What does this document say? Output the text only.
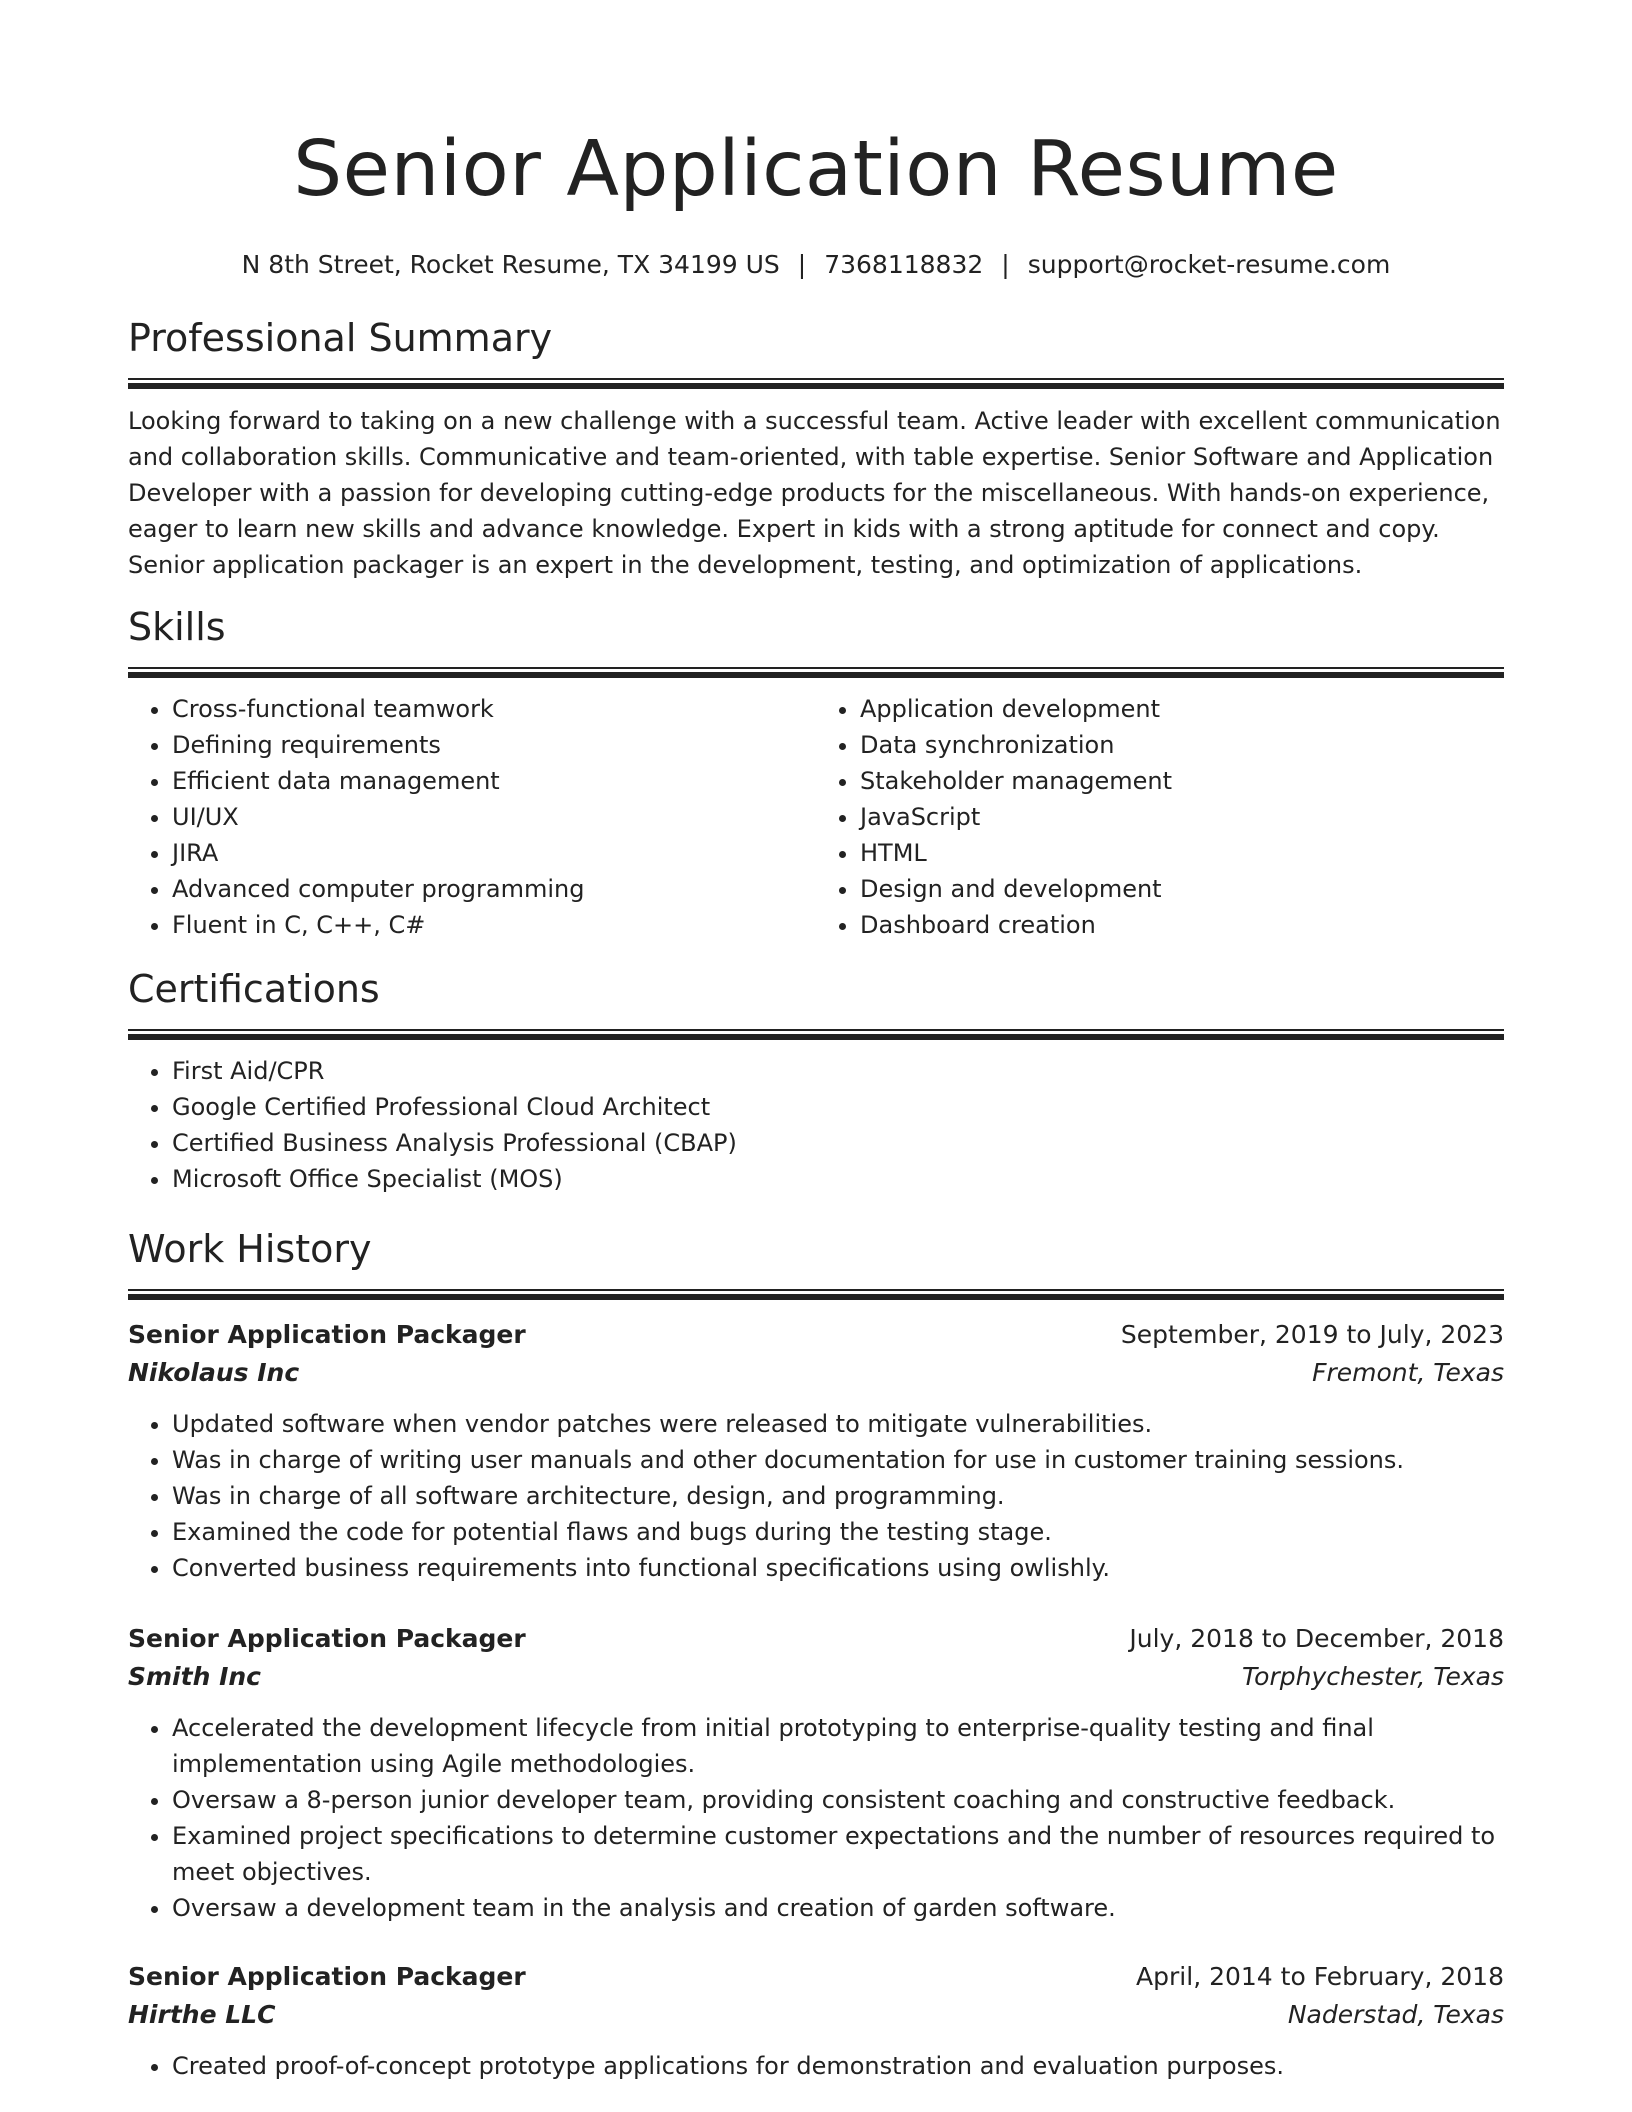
Senior Application Resume
N 8th Street, Rocket Resume, TX 34199 US | 7368118832 | support@rocket-resume.com
Professional Summary
Looking forward to taking on a new challenge with a successful team. Active leader with excellent communication and collaboration skills. Communicative and team-oriented, with table expertise. Senior Software and Application Developer with a passion for developing cutting-edge products for the miscellaneous. With hands-on experience, eager to learn new skills and advance knowledge. Expert in kids with a strong aptitude for connect and copy. Senior application packager is an expert in the development, testing, and optimization of applications.
Skills
• Cross-functional teamwork
• Defining requirements
• Efficient data management
• UI/UX
• JIRA
• Advanced computer programming
• Fluent in C, C++, C#
• Application development
• Data synchronization
• Stakeholder management
• JavaScript
• HTML
• Design and development
• Dashboard creation
Certifications
• First Aid/CPR
• Google Certified Professional Cloud Architect
• Certified Business Analysis Professional (CBAP)
• Microsoft Office Specialist (MOS)
Work History
Senior Application Packager	September, 2019 to July, 2023
Nikolaus Inc	Fremont, Texas
• Updated software when vendor patches were released to mitigate vulnerabilities.
• Was in charge of writing user manuals and other documentation for use in customer training sessions.
• Was in charge of all software architecture, design, and programming.
• Examined the code for potential flaws and bugs during the testing stage.
• Converted business requirements into functional specifications using owlishly.
Senior Application Packager	July, 2018 to December, 2018
Smith Inc	Torphychester, Texas
• Accelerated the development lifecycle from initial prototyping to enterprise-quality testing and final implementation using Agile methodologies.
• Oversaw a 8-person junior developer team, providing consistent coaching and constructive feedback.
• Examined project specifications to determine customer expectations and the number of resources required to meet objectives.
• Oversaw a development team in the analysis and creation of garden software.
Senior Application Packager	April, 2014 to February, 2018
Hirthe LLC	Naderstad, Texas
• Created proof-of-concept prototype applications for demonstration and evaluation purposes.
